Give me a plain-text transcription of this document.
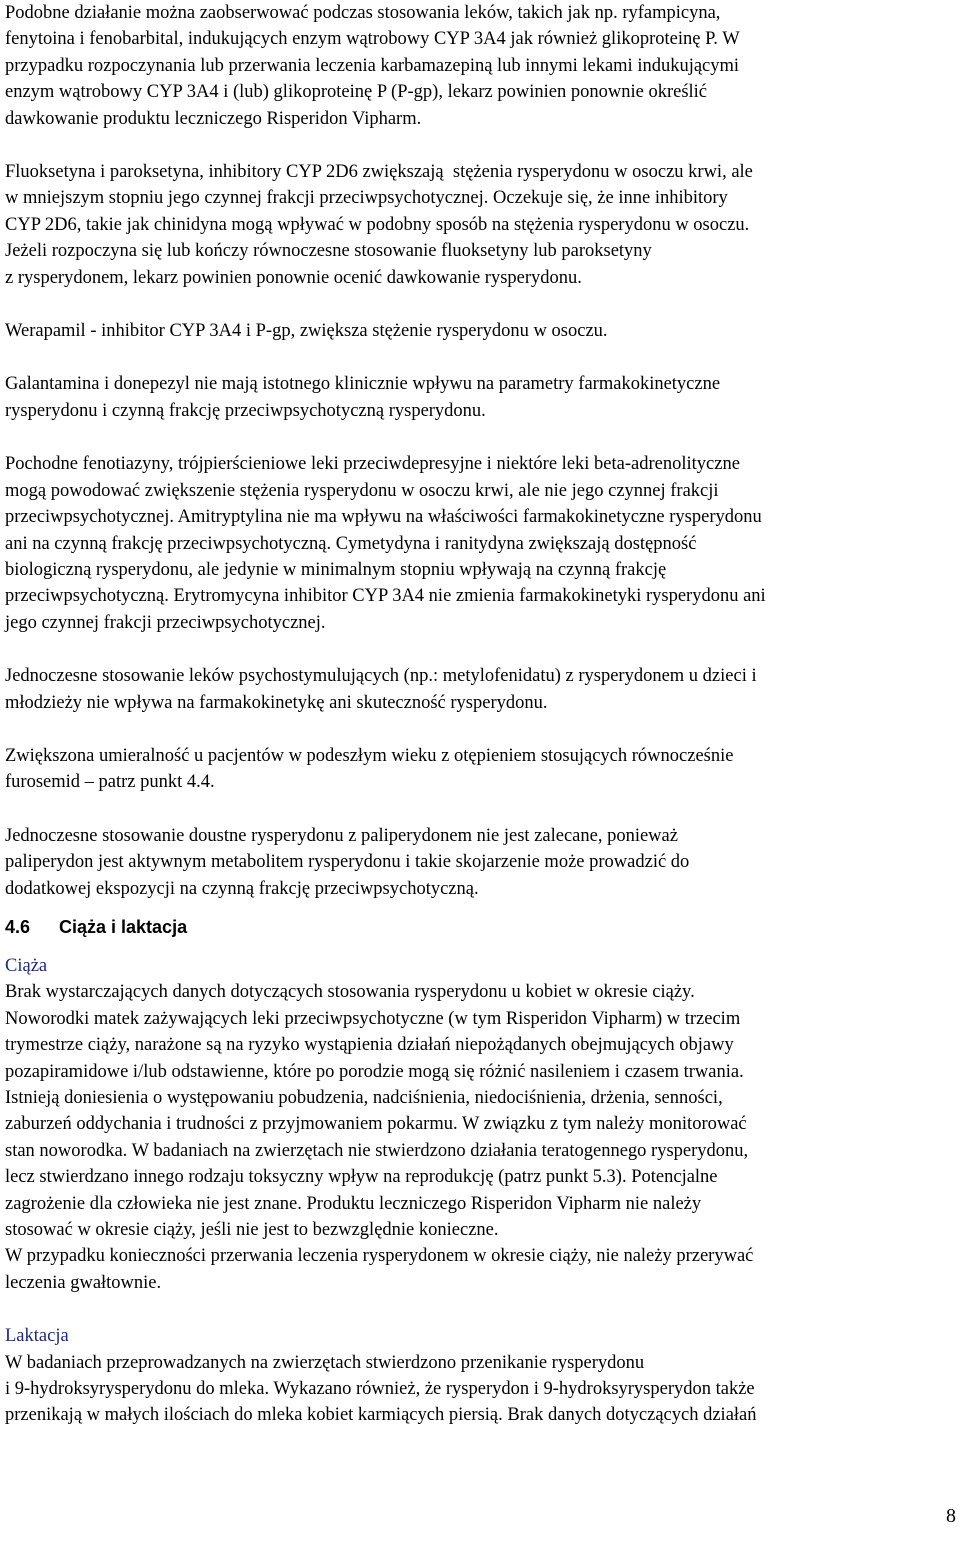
Podobne działanie można zaobserwować podczas stosowania leków, takich jak np. ryfampicyna,
fenytoina i fenobarbital, indukujących enzym wątrobowy CYP 3A4 jak również glikoproteinę P. W
przypadku rozpoczynania lub przerwania leczenia karbamazepiną lub innymi lekami indukującymi
enzym wątrobowy CYP 3A4 i (lub) glikoproteinę P (P-gp), lekarz powinien ponownie określić
dawkowanie produktu leczniczego Risperidon Vipharm.
Fluoksetyna i paroksetyna, inhibitory CYP 2D6 zwiększają  stężenia rysperydonu w osoczu krwi, ale
w mniejszym stopniu jego czynnej frakcji przeciwpsychotycznej. Oczekuje się, że inne inhibitory
CYP 2D6, takie jak chinidyna mogą wpływać w podobny sposób na stężenia rysperydonu w osoczu.
Jeżeli rozpoczyna się lub kończy równoczesne stosowanie fluoksetyny lub paroksetyny
z rysperydonem, lekarz powinien ponownie ocenić dawkowanie rysperydonu.
Werapamil - inhibitor CYP 3A4 i P-gp, zwiększa stężenie rysperydonu w osoczu.
Galantamina i donepezyl nie mają istotnego klinicznie wpływu na parametry farmakokinetyczne
rysperydonu i czynną frakcję przeciwpsychotyczną rysperydonu.
Pochodne fenotiazyny, trójpierścieniowe leki przeciwdepresyjne i niektóre leki beta-adrenolityczne
mogą powodować zwiększenie stężenia rysperydonu w osoczu krwi, ale nie jego czynnej frakcji
przeciwpsychotycznej. Amitryptylina nie ma wpływu na właściwości farmakokinetyczne rysperydonu
ani na czynną frakcję przeciwpsychotyczną. Cymetydyna i ranitydyna zwiększają dostępność
biologiczną rysperydonu, ale jedynie w minimalnym stopniu wpływają na czynną frakcję
przeciwpsychotyczną. Erytromycyna inhibitor CYP 3A4 nie zmienia farmakokinetyki rysperydonu ani
jego czynnej frakcji przeciwpsychotycznej.
Jednoczesne stosowanie leków psychostymulujących (np.: metylofenidatu) z rysperydonem u dzieci i
młodzieży nie wpływa na farmakokinetykę ani skuteczność rysperydonu.
Zwiększona umieralność u pacjentów w podeszłym wieku z otępieniem stosujących równocześnie
furosemid – patrz punkt 4.4.
Jednoczesne stosowanie doustne rysperydonu z paliperydonem nie jest zalecane, ponieważ
paliperydon jest aktywnym metabolitem rysperydonu i takie skojarzenie może prowadzić do
dodatkowej ekspozycji na czynną frakcję przeciwpsychotyczną.
4.6 Ciąża i laktacja
Ciąża
Brak wystarczających danych dotyczących stosowania rysperydonu u kobiet w okresie ciąży.
Noworodki matek zażywających leki przeciwpsychotyczne (w tym Risperidon Vipharm) w trzecim
trymestrze ciąży, narażone są na ryzyko wystąpienia działań niepożądanych obejmujących objawy
pozapiramidowe i/lub odstawienne, które po porodzie mogą się różnić nasileniem i czasem trwania.
Istnieją doniesienia o występowaniu pobudzenia, nadciśnienia, niedociśnienia, drżenia, senności,
zaburzeń oddychania i trudności z przyjmowaniem pokarmu. W związku z tym należy monitorować
stan noworodka. W badaniach na zwierzętach nie stwierdzono działania teratogennego rysperydonu,
lecz stwierdzano innego rodzaju toksyczny wpływ na reprodukcję (patrz punkt 5.3). Potencjalne
zagrożenie dla człowieka nie jest znane. Produktu leczniczego Risperidon Vipharm nie należy
stosować w okresie ciąży, jeśli nie jest to bezwzględnie konieczne.
W przypadku konieczności przerwania leczenia rysperydonem w okresie ciąży, nie należy przerywać
leczenia gwałtownie.
Laktacja
W badaniach przeprowadzanych na zwierzętach stwierdzono przenikanie rysperydonu
i 9-hydroksyrysperydonu do mleka. Wykazano również, że rysperydon i 9-hydroksyrysperydon także
przenikają w małych ilościach do mleka kobiet karmiących piersią. Brak danych dotyczących działań
8
